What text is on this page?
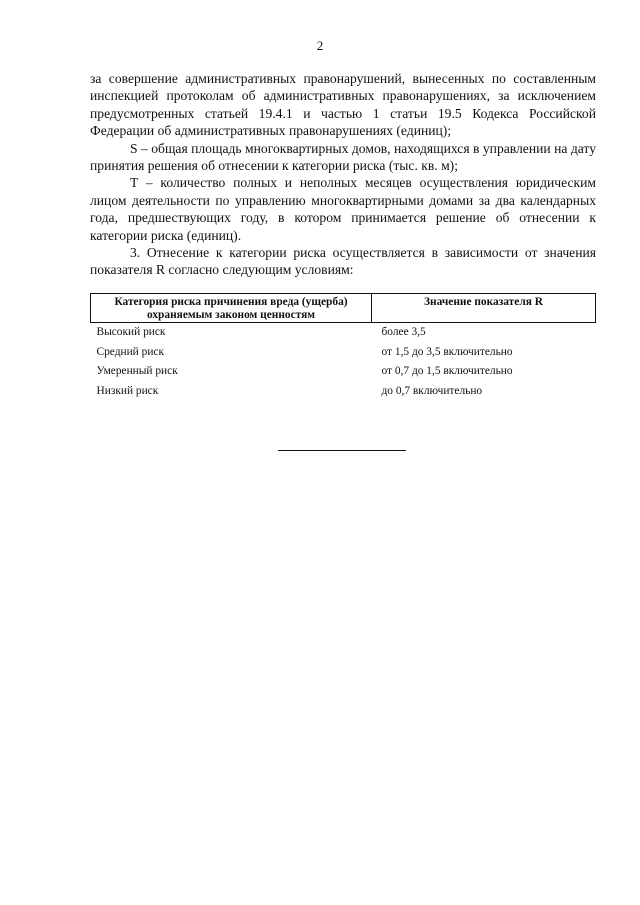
2

за совершение административных правонарушений, вынесенных по составленным инспекцией протоколам об административных правонарушениях, за исключением предусмотренных статьей 19.4.1 и частью 1 статьи 19.5 Кодекса Российской Федерации об административных правонарушениях (единиц);

S – общая площадь многоквартирных домов, находящихся в управлении на дату принятия решения об отнесении к категории риска (тыс. кв. м);

T – количество полных и неполных месяцев осуществления юридическим лицом деятельности по управлению многоквартирными домами за два календарных года, предшествующих году, в котором принимается решение об отнесении к категории риска (единиц).

3. Отнесение к категории риска осуществляется в зависимости от значения показателя R согласно следующим условиям:

Категория риска причинения вреда (ущерба) охраняемым законом ценностям	Значение показателя R
Высокий риск	более 3,5
Средний риск	от 1,5 до 3,5 включительно
Умеренный риск	от 0,7 до 1,5 включительно
Низкий риск	до 0,7 включительно
